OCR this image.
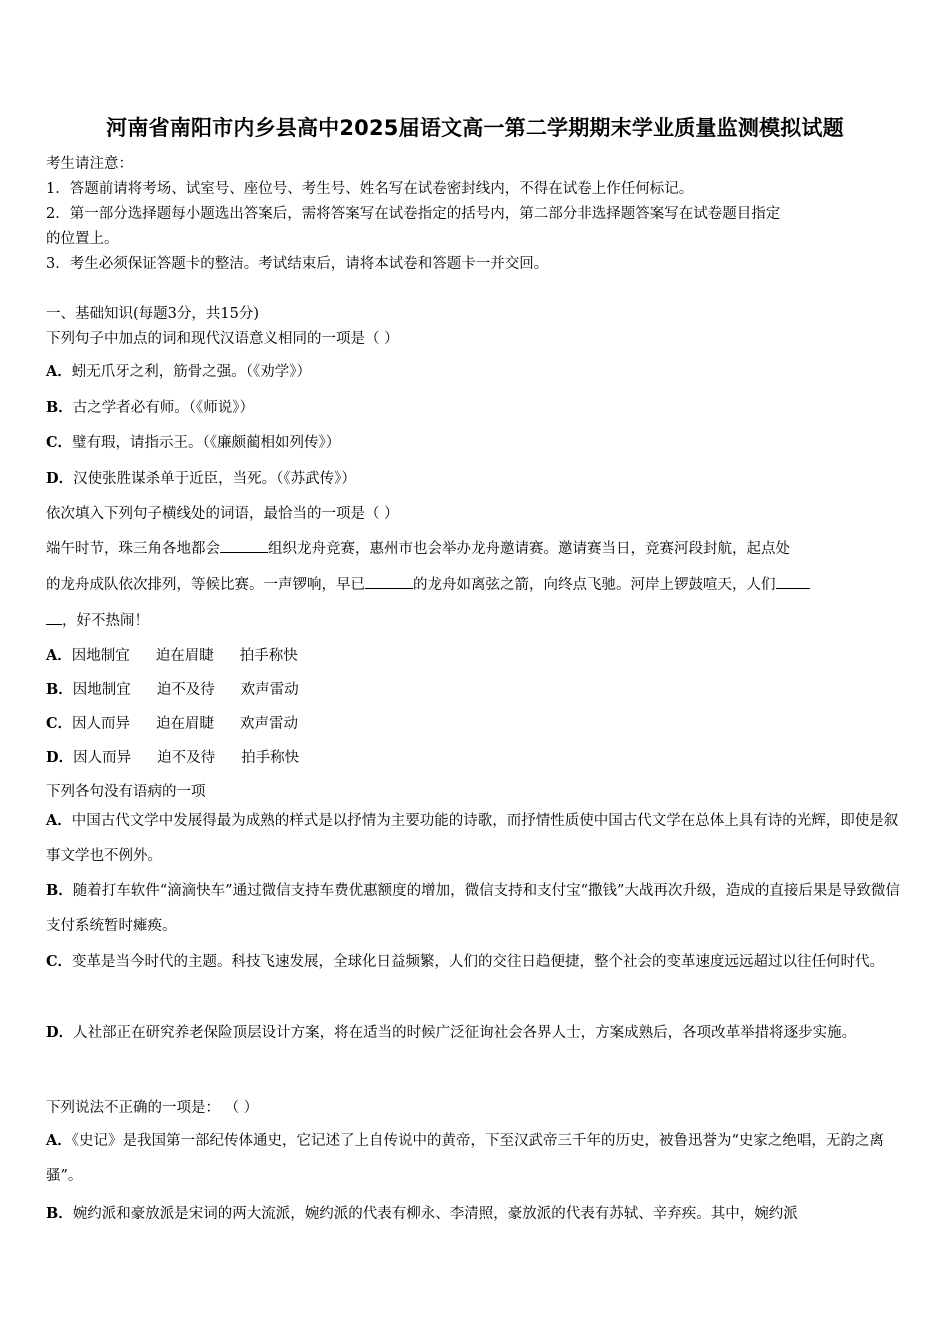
河南省南阳市内乡县高中2025届语文高一第二学期期末学业质量监测模拟试题
考生请注意：
1．答题前请将考场、试室号、座位号、考生号、姓名写在试卷密封线内，不得在试卷上作任何标记。
2．第一部分选择题每小题选出答案后，需将答案写在试卷指定的括号内，第二部分非选择题答案写在试卷题目指定
的位置上。
3．考生必须保证答题卡的整洁。考试结束后，请将本试卷和答题卡一并交回。
一、基础知识(每题3分，共15分)
下列句子中加点的词和现代汉语意义相同的一项是（ ）
A．蚓无爪牙之利，筋骨之强。（《劝学》）
B．古之学者必有师。（《师说》）
C．璧有瑕，请指示王。（《廉颇蔺相如列传》）
D．汉使张胜谋杀单于近臣，当死。（《苏武传》）
依次填入下列句子横线处的词语，最恰当的一项是（ ）
端午时节，珠三角各地都会	组织龙舟竞赛，惠州市也会举办龙舟邀请赛。邀请赛当日，竞赛河段封航，起点处
的龙舟成队依次排列，等候比赛。一声锣响，早已	的龙舟如离弦之箭，向终点飞驰。河岸上锣鼓喧天，人们
，好不热闹！
A．因地制宜 迫在眉睫 拍手称快
B．因地制宜 迫不及待 欢声雷动
C．因人而异 迫在眉睫 欢声雷动
D．因人而异 迫不及待 拍手称快
下列各句没有语病的一项
A．中国古代文学中发展得最为成熟的样式是以抒情为主要功能的诗歌，而抒情性质使中国古代文学在总体上具有诗的光辉，即使是叙事文学也不例外。
B．随着打车软件“滴滴快车”通过微信支持车费优惠额度的增加，微信支持和支付宝“撒钱”大战再次升级，造成的直接后果是导致微信支付系统暂时瘫痪。
C．变革是当今时代的主题。科技飞速发展，全球化日益频繁，人们的交往日趋便捷，整个社会的变革速度远远超过以往任何时代。
D．人社部正在研究养老保险顶层设计方案，将在适当的时候广泛征询社会各界人士，方案成熟后，各项改革举措将逐步实施。
下列说法不正确的一项是： （ ）
A．《史记》是我国第一部纪传体通史，它记述了上自传说中的黄帝，下至汉武帝三千年的历史，被鲁迅誉为“史家之绝唱，无韵之离骚”。
B．婉约派和豪放派是宋词的两大流派，婉约派的代表有柳永、李清照，豪放派的代表有苏轼、辛弃疾。其中，婉约派
